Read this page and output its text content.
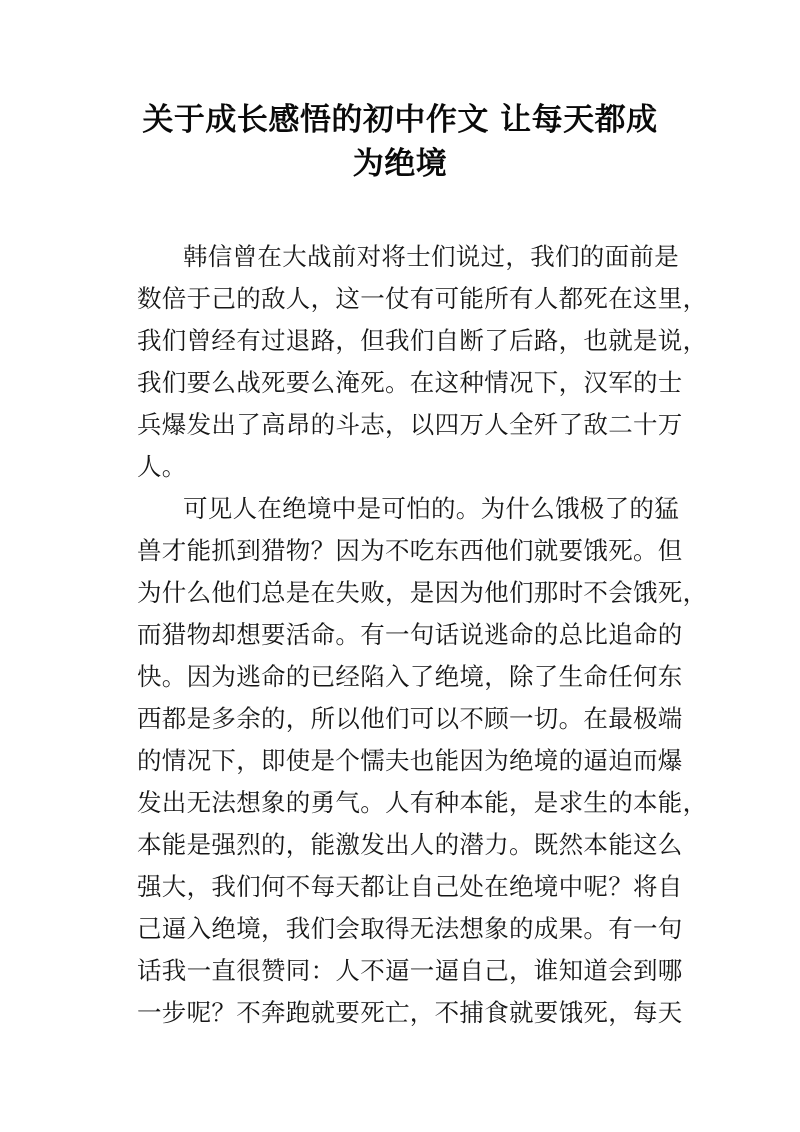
关于成长感悟的初中作文 让每天都成
为绝境
韩信曾在大战前对将士们说过，我们的面前是
数倍于己的敌人，这一仗有可能所有人都死在这里，
我们曾经有过退路，但我们自断了后路，也就是说，
我们要么战死要么淹死。在这种情况下，汉军的士
兵爆发出了高昂的斗志，以四万人全歼了敌二十万
人。
可见人在绝境中是可怕的。为什么饿极了的猛
兽才能抓到猎物？因为不吃东西他们就要饿死。但
为什么他们总是在失败，是因为他们那时不会饿死，
而猎物却想要活命。有一句话说逃命的总比追命的
快。因为逃命的已经陷入了绝境，除了生命任何东
西都是多余的，所以他们可以不顾一切。在最极端
的情况下，即使是个懦夫也能因为绝境的逼迫而爆
发出无法想象的勇气。人有种本能，是求生的本能，
本能是强烈的，能激发出人的潜力。既然本能这么
强大，我们何不每天都让自己处在绝境中呢？将自
己逼入绝境，我们会取得无法想象的成果。有一句
话我一直很赞同：人不逼一逼自己，谁知道会到哪
一步呢？不奔跑就要死亡，不捕食就要饿死，每天
